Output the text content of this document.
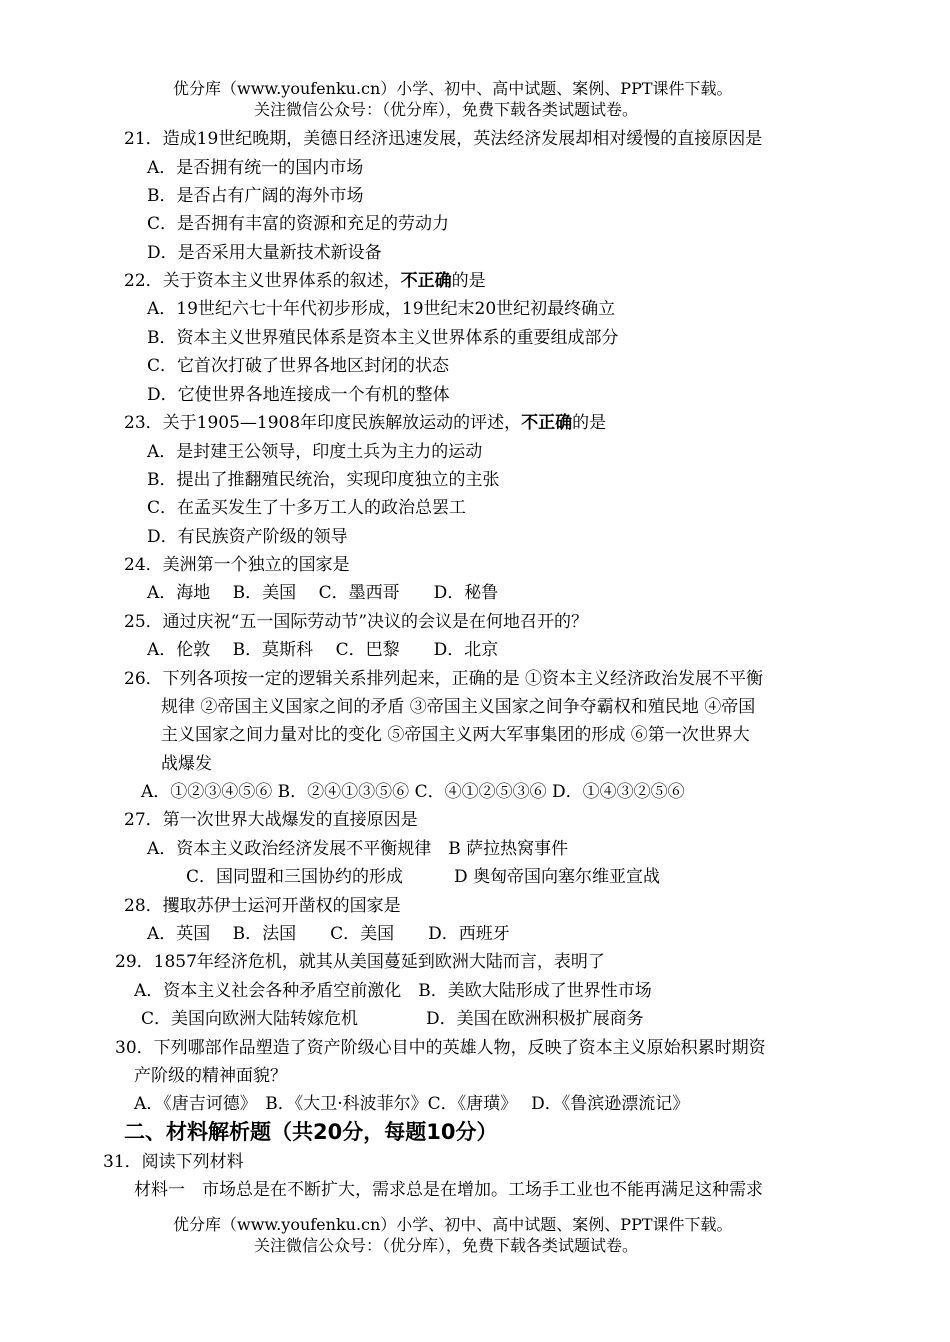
优分库（www.youfenku.cn）小学、初中、高中试题、案例、PPT课件下载。
关注微信公众号：（优分库），免费下载各类试题试卷。
21．造成19世纪晚期，美德日经济迅速发展，英法经济发展却相对缓慢的直接原因是
A．是否拥有统一的国内市场
B．是否占有广阔的海外市场
C．是否拥有丰富的资源和充足的劳动力
D．是否采用大量新技术新设备
22．关于资本主义世界体系的叙述，不正确的是
A．19世纪六七十年代初步形成，19世纪末20世纪初最终确立
B．资本主义世界殖民体系是资本主义世界体系的重要组成部分
C．它首次打破了世界各地区封闭的状态
D．它使世界各地连接成一个有机的整体
23．关于1905—1908年印度民族解放运动的评述，不正确的是
A．是封建王公领导，印度土兵为主力的运动
B．提出了推翻殖民统治，实现印度独立的主张
C．在孟买发生了十多万工人的政治总罢工
D．有民族资产阶级的领导
24．美洲第一个独立的国家是
A．海地　 B．美国　 C．墨西哥　　D．秘鲁
25．通过庆祝“五一国际劳动节”决议的会议是在何地召开的？
A．伦敦　 B．莫斯科　 C．巴黎　　D．北京
26．下列各项按一定的逻辑关系排列起来，正确的是 ①资本主义经济政治发展不平衡
规律 ②帝国主义国家之间的矛盾 ③帝国主义国家之间争夺霸权和殖民地 ④帝国
主义国家之间力量对比的变化 ⑤帝国主义两大军事集团的形成 ⑥第一次世界大
战爆发
A．①②③④⑤⑥ B．②④①③⑤⑥ C．④①②⑤③⑥ D．①④③②⑤⑥
27．第一次世界大战爆发的直接原因是
A．资本主义政治经济发展不平衡规律　B 萨拉热窝事件
C．国同盟和三国协约的形成　　　D 奥匈帝国向塞尔维亚宣战
28．攫取苏伊士运河开凿权的国家是
A．英国　 B．法国　　C．美国　　D．西班牙
29．1857年经济危机，就其从美国蔓延到欧洲大陆而言，表明了
A．资本主义社会各种矛盾空前激化　B．美欧大陆形成了世界性市场
C．美国向欧洲大陆转嫁危机　　　　D．美国在欧洲积极扩展商务
30．下列哪部作品塑造了资产阶级心目中的英雄人物，反映了资本主义原始积累时期资
产阶级的精神面貌？
A．《唐吉诃德》　B．《大卫·科波菲尔》C．《唐璜》　 D．《鲁滨逊漂流记》
二、材料解析题（共20分，每题10分）
31．阅读下列材料
材料一　市场总是在不断扩大，需求总是在增加。工场手工业也不能再满足这种需求
优分库（www.youfenku.cn）小学、初中、高中试题、案例、PPT课件下载。
关注微信公众号：（优分库），免费下载各类试题试卷。
